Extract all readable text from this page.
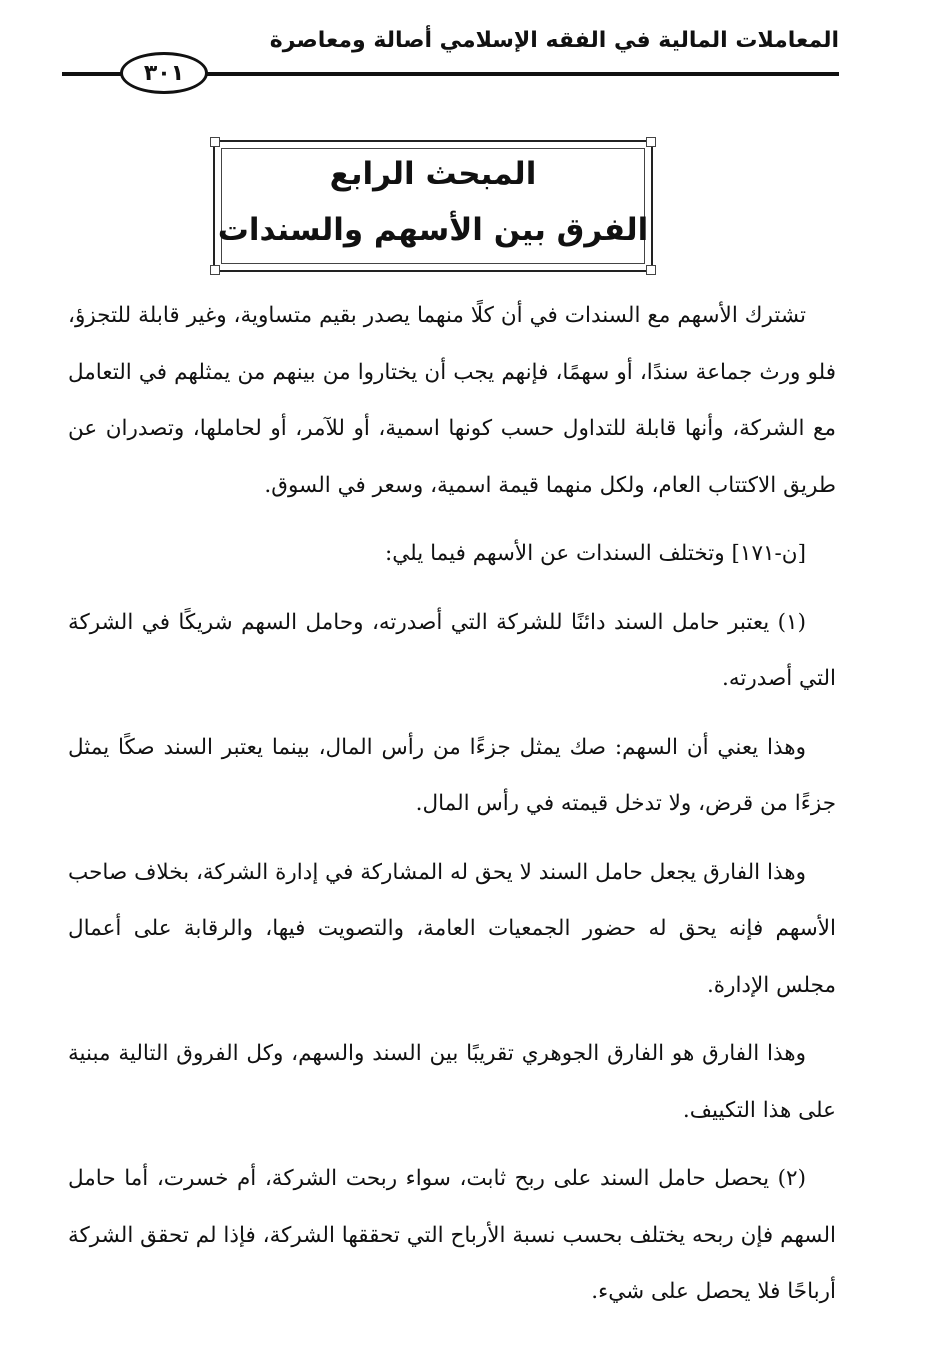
المعاملات المالية في الفقه الإسلامي أصالة ومعاصرة
٣٠١
المبحث الرابع
الفرق بين الأسهم والسندات

تشترك الأسهم مع السندات في أن كلًا منهما يصدر بقيم متساوية، وغير قابلة للتجزؤ، فلو ورث جماعة سندًا، أو سهمًا، فإنهم يجب أن يختاروا من بينهم من يمثلهم في التعامل مع الشركة، وأنها قابلة للتداول حسب كونها اسمية، أو للآمر، أو لحاملها، وتصدران عن طريق الاكتتاب العام، ولكل منهما قيمة اسمية، وسعر في السوق.

[ن-١٧١] وتختلف السندات عن الأسهم فيما يلي:

(١) يعتبر حامل السند دائنًا للشركة التي أصدرته، وحامل السهم شريكًا في الشركة التي أصدرته.

وهذا يعني أن السهم: صك يمثل جزءًا من رأس المال، بينما يعتبر السند صكًا يمثل جزءًا من قرض، ولا تدخل قيمته في رأس المال.

وهذا الفارق يجعل حامل السند لا يحق له المشاركة في إدارة الشركة، بخلاف صاحب الأسهم فإنه يحق له حضور الجمعيات العامة، والتصويت فيها، والرقابة على أعمال مجلس الإدارة.

وهذا الفارق هو الفارق الجوهري تقريبًا بين السند والسهم، وكل الفروق التالية مبنية على هذا التكييف.

(٢) يحصل حامل السند على ربح ثابت، سواء ربحت الشركة، أم خسرت، أما حامل السهم فإن ربحه يختلف بحسب نسبة الأرباح التي تحققها الشركة، فإذا لم تحقق الشركة أرباحًا فلا يحصل على شيء.
